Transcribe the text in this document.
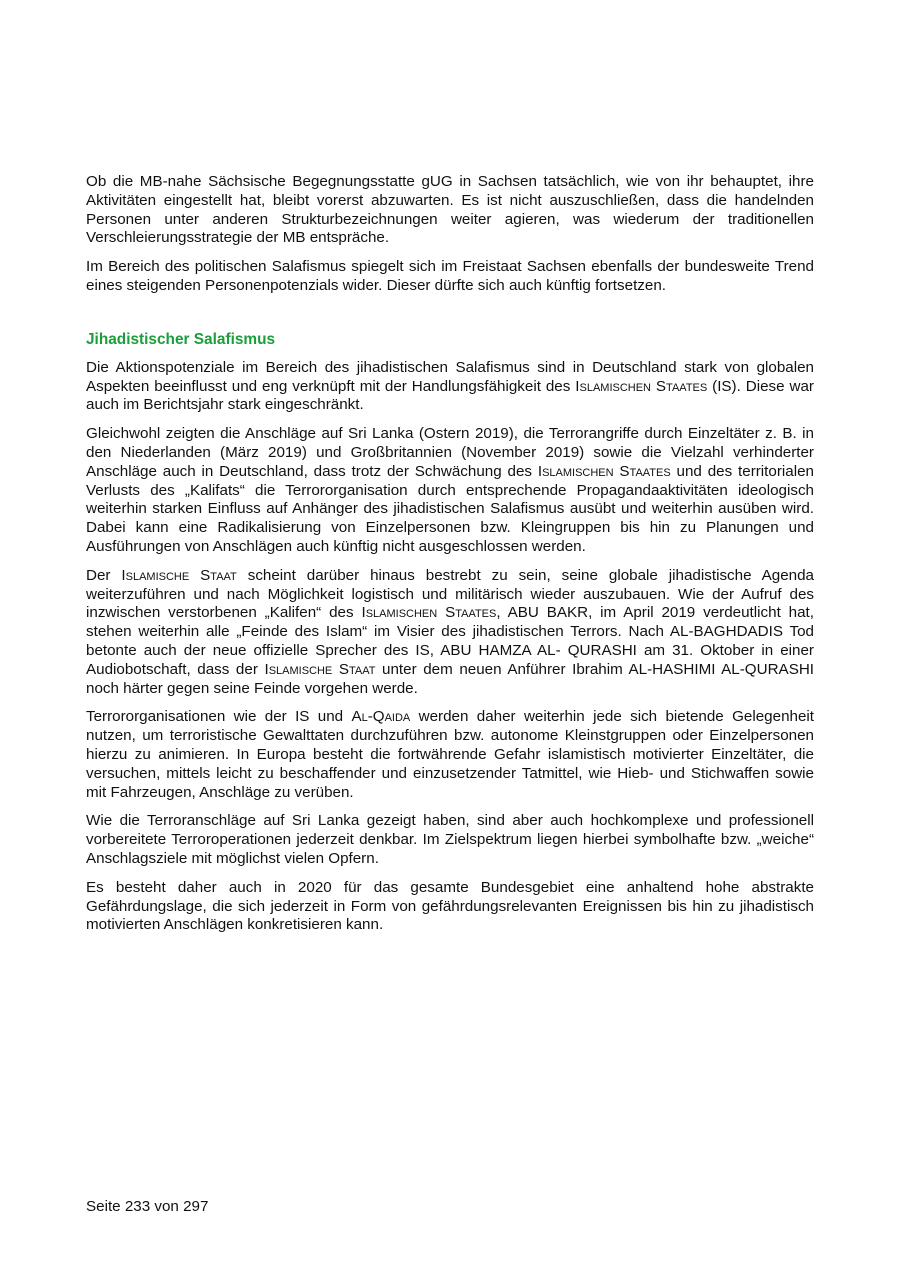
Ob die MB-nahe Sächsische Begegnungsstatte gUG in Sachsen tatsächlich, wie von ihr behauptet, ihre Aktivitäten eingestellt hat, bleibt vorerst abzuwarten. Es ist nicht auszuschließen, dass die handelnden Personen unter anderen Strukturbezeichnungen weiter agieren, was wiederum der traditionellen Verschleierungsstrategie der MB entspräche.

Im Bereich des politischen Salafismus spiegelt sich im Freistaat Sachsen ebenfalls der bundesweite Trend eines steigenden Personenpotenzials wider. Dieser dürfte sich auch künftig fortsetzen.

Jihadistischer Salafismus

Die Aktionspotenziale im Bereich des jihadistischen Salafismus sind in Deutschland stark von globalen Aspekten beeinflusst und eng verknüpft mit der Handlungsfähigkeit des Islamischen Staates (IS). Diese war auch im Berichtsjahr stark eingeschränkt.

Gleichwohl zeigten die Anschläge auf Sri Lanka (Ostern 2019), die Terrorangriffe durch Einzeltäter z. B. in den Niederlanden (März 2019) und Großbritannien (November 2019) sowie die Vielzahl verhinderter Anschläge auch in Deutschland, dass trotz der Schwächung des Islamischen Staates und des territorialen Verlusts des „Kalifats“ die Terrororganisation durch entsprechende Propagandaaktivitäten ideologisch weiterhin starken Einfluss auf Anhänger des jihadistischen Salafismus ausübt und weiterhin ausüben wird. Dabei kann eine Radikalisierung von Einzelpersonen bzw. Kleingruppen bis hin zu Planungen und Ausführungen von Anschlägen auch künftig nicht ausgeschlossen werden.

Der Islamische Staat scheint darüber hinaus bestrebt zu sein, seine globale jihadistische Agenda weiterzuführen und nach Möglichkeit logistisch und militärisch wieder auszubauen. Wie der Aufruf des inzwischen verstorbenen „Kalifen“ des Islamischen Staates, ABU BAKR, im April 2019 verdeutlicht hat, stehen weiterhin alle „Feinde des Islam“ im Visier des jihadistischen Terrors. Nach AL-BAGHDADIS Tod betonte auch der neue offizielle Sprecher des IS, ABU HAMZA AL- QURASHI am 31. Oktober in einer Audiobotschaft, dass der Islamische Staat unter dem neuen Anführer Ibrahim AL-HASHIMI AL-QURASHI noch härter gegen seine Feinde vorgehen werde.

Terrororganisationen wie der IS und Al-Qaida werden daher weiterhin jede sich bietende Gelegenheit nutzen, um terroristische Gewalttaten durchzuführen bzw. autonome Kleinstgruppen oder Einzelpersonen hierzu zu animieren. In Europa besteht die fortwährende Gefahr islamistisch motivierter Einzeltäter, die versuchen, mittels leicht zu beschaffender und einzusetzender Tatmittel, wie Hieb- und Stichwaffen sowie mit Fahrzeugen, Anschläge zu verüben.

Wie die Terroranschläge auf Sri Lanka gezeigt haben, sind aber auch hochkomplexe und professionell vorbereitete Terroroperationen jederzeit denkbar. Im Zielspektrum liegen hierbei symbolhafte bzw. „weiche“ Anschlagsziele mit möglichst vielen Opfern.

Es besteht daher auch in 2020 für das gesamte Bundesgebiet eine anhaltend hohe abstrakte Gefährdungslage, die sich jederzeit in Form von gefährdungsrelevanten Ereignissen bis hin zu jihadistisch motivierten Anschlägen konkretisieren kann.

Seite 233 von 297
